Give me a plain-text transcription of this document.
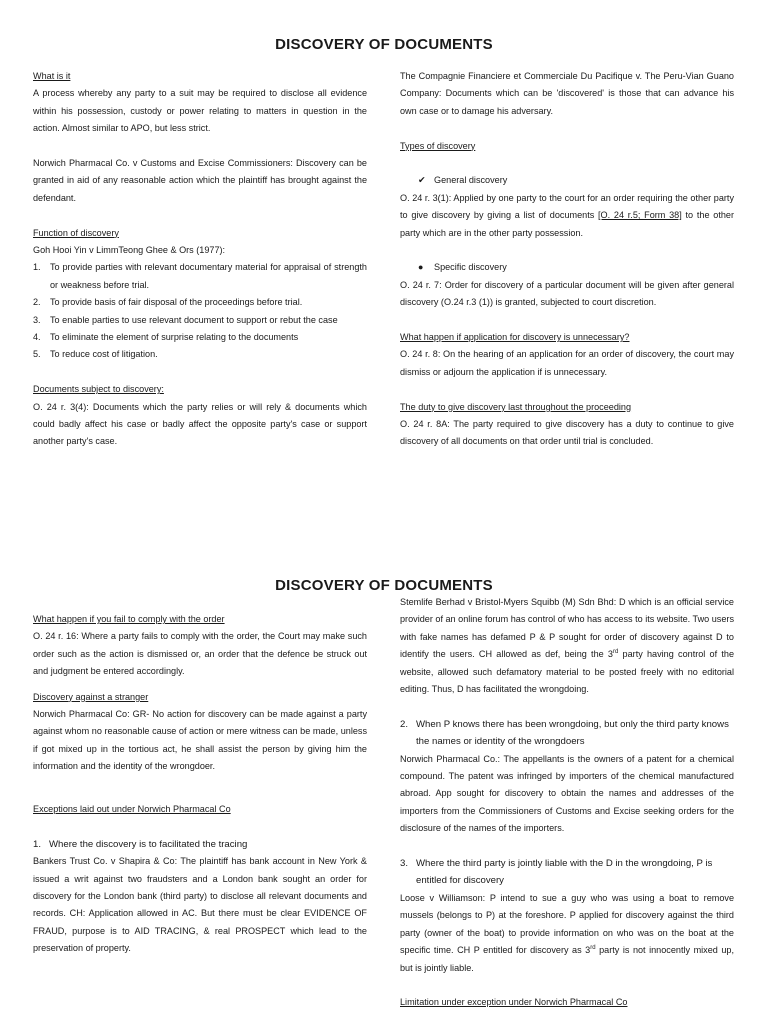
DISCOVERY OF DOCUMENTS

What is it

A process whereby any party to a suit may be required to disclose all evidence within his possession, custody or power relating to matters in question in the action. Almost similar to APO, but less strict.

Norwich Pharmacal Co. v Customs and Excise Commissioners: Discovery can be granted in aid of any reasonable action which the plaintiff has brought against the defendant.

Function of discovery

Goh Hooi Yin v LimmTeong Ghee & Ors (1977):

1. To provide parties with relevant documentary material for appraisal of strength or weakness before trial.
2. To provide basis of fair disposal of the proceedings before trial.
3. To enable parties to use relevant document to support or rebut the case
4. To eliminate the element of surprise relating to the documents
5. To reduce cost of litigation.

Documents subject to discovery:

O. 24 r. 3(4): Documents which the party relies or will rely & documents which could badly affect his case or badly affect the opposite party's case or support another party's case.

The Compagnie Financiere et Commerciale Du Pacifique v. The Peru-Vian Guano Company: Documents which can be 'discovered' is those that can advance his own case or to damage his adversary.

Types of discovery

✔ General discovery

O. 24 r. 3(1): Applied by one party to the court for an order requiring the other party to give discovery by giving a list of documents [O. 24 r.5; Form 38] to the other party which are in the other party possession.

● Specific discovery

O. 24 r. 7: Order for discovery of a particular document will be given after general discovery (O.24 r.3 (1)) is granted, subjected to court discretion.

What happen if application for discovery is unnecessary?

O. 24 r. 8: On the hearing of an application for an order of discovery, the court may dismiss or adjourn the application if is unnecessary.

The duty to give discovery last throughout the proceeding

O. 24 r. 8A: The party required to give discovery has a duty to continue to give discovery of all documents on that order until trial is concluded.

DISCOVERY OF DOCUMENTS

What happen if you fail to comply with the order

O. 24 r. 16: Where a party fails to comply with the order, the Court may make such order such as the action is dismissed or, an order that the defence be struck out and judgment be entered accordingly.

Discovery against a stranger

Norwich Pharmacal Co: GR- No action for discovery can be made against a party against whom no reasonable cause of action or mere witness can be made, unless if got mixed up in the tortious act, he shall assist the person by giving him the information and the identity of the wrongdoer.

Exceptions laid out under Norwich Pharmacal Co

1. Where the discovery is to facilitated the tracing

Bankers Trust Co. v Shapira & Co: The plaintiff has bank account in New York & issued a writ against two fraudsters and a London bank sought an order for discovery for the London bank (third party) to disclose all relevant documents and records. CH: Application allowed in AC. But there must be clear EVIDENCE OF FRAUD, purpose is to AID TRACING, & real PROSPECT which lead to the preservation of property.

Stemlife Berhad v Bristol-Myers Squibb (M) Sdn Bhd: D which is an official service provider of an online forum has control of who has access to its website. Two users with fake names has defamed P & P sought for order of discovery against D to identify the users. CH allowed as def, being the 3rd party having control of the website, allowed such defamatory material to be posted freely with no editorial editing. Thus, D has facilitated the wrongdoing.

2. When P knows there has been wrongdoing, but only the third party knows the names or identity of the wrongdoers

Norwich Pharmacal Co.: The appellants is the owners of a patent for a chemical compound. The patent was infringed by importers of the chemical manufactured abroad. App sought for discovery to obtain the names and addresses of the importers from the Commissioners of Customs and Excise seeking orders for the disclosure of the names of the importers.

3. Where the third party is jointly liable with the D in the wrongdoing, P is entitled for discovery

Loose v Williamson: P intend to sue a guy who was using a boat to remove mussels (belongs to P) at the foreshore. P applied for discovery against the third party (owner of the boat) to provide information on who was on the boat at the specific time. CH P entitled for discovery as 3rd party is not innocently mixed up, but is jointly liable.

Limitation under exception under Norwich Pharmacal Co
